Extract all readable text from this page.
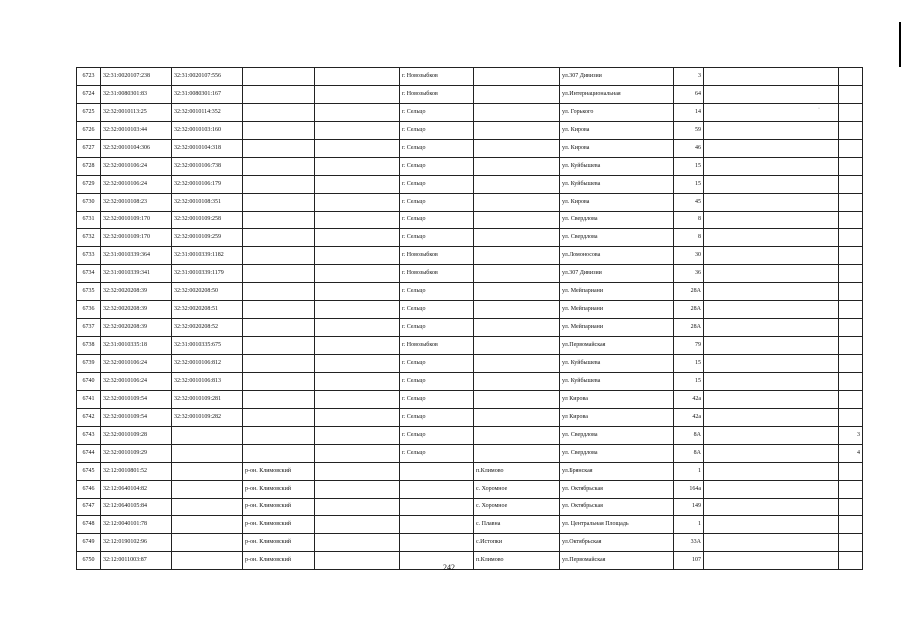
·
6723	32:31:0020107:238	32:31:0020107:556			г. Новозыбков		ул.307 Дивизии	3		
6724	32:31:0080301:83	32:31:0080301:167			г. Новозыбков		ул.Интернациональная	64		
6725	32:32:0010113:25	32:32:0010114:352			г. Сельцо		ул. Горького	14		
6726	32:32:0010103:44	32:32:0010103:160			г. Сельцо		ул. Кирова	59		
6727	32:32:0010104:306	32:32:0010104:318			г. Сельцо		ул. Кирова	46		
6728	32:32:0010106:24	32:32:0010106:738			г. Сельцо		ул. Куйбышева	15		
6729	32:32:0010106:24	32:32:0010106:179			г. Сельцо		ул. Куйбышева	15		
6730	32:32:0010108:23	32:32:0010108:351			г. Сельцо		ул. Кирова	45		
6731	32:32:0010109:170	32:32:0010109:258			г. Сельцо		ул. Свердлова	8		
6732	32:32:0010109:170	32:32:0010109:259			г. Сельцо		ул. Свердлова	8		
6733	32:31:0010339:364	32:31:0010339:1182			г. Новозыбков		ул.Ломоносова	30		
6734	32:31:0010339:341	32:31:0010339:1179			г. Новозыбков		ул.307 Дивизии	36		
6735	32:32:0020208:39	32:32:0020208:50			г. Сельцо		ул. Мейпариани	28А		
6736	32:32:0020208:39	32:32:0020208:51			г. Сельцо		ул. Мейпариани	28А		
6737	32:32:0020208:39	32:32:0020208:52			г. Сельцо		ул. Мейпариани	28А		
6738	32:31:0010335:18	32:31:0010335:675			г. Новозыбков		ул.Первомайская	79		
6739	32:32:0010106:24	32:32:0010106:812			г. Сельцо		ул. Куйбышева	15		
6740	32:32:0010106:24	32:32:0010106:813			г. Сельцо		ул. Куйбышева	15		
6741	32:32:0010109:54	32:32:0010109:281			г. Сельцо		ул Кирова	42а		
6742	32:32:0010109:54	32:32:0010109:282			г. Сельцо		ул Кирова	42а		
6743	32:32:0010109:28				г. Сельцо		ул. Свердлова	8А		3
6744	32:32:0010109:29				г. Сельцо		ул. Свердлова	8А		4
6745	32:12:0010801:52		р-он. Климовский			п.Климово	ул.Брянская	1		
6746	32:12:0640104:82		р-он. Климовский			с. Хоромное	ул. Октябрьская	164а		
6747	32:12:0640105:84		р-он. Климовский			с. Хоромное	ул. Октябрьская	149		
6748	32:12:0040101:78		р-он. Климовский			с. Плавна	ул. Центральная Площадь	1		
6749	32:12:0190102:96		р-он. Климовский			с.Истопки	ул.Октябрьская	33А		
6750	32:12:0011003:87		р-он. Климовский			п.Климово	ул.Первомайская	107		
242
